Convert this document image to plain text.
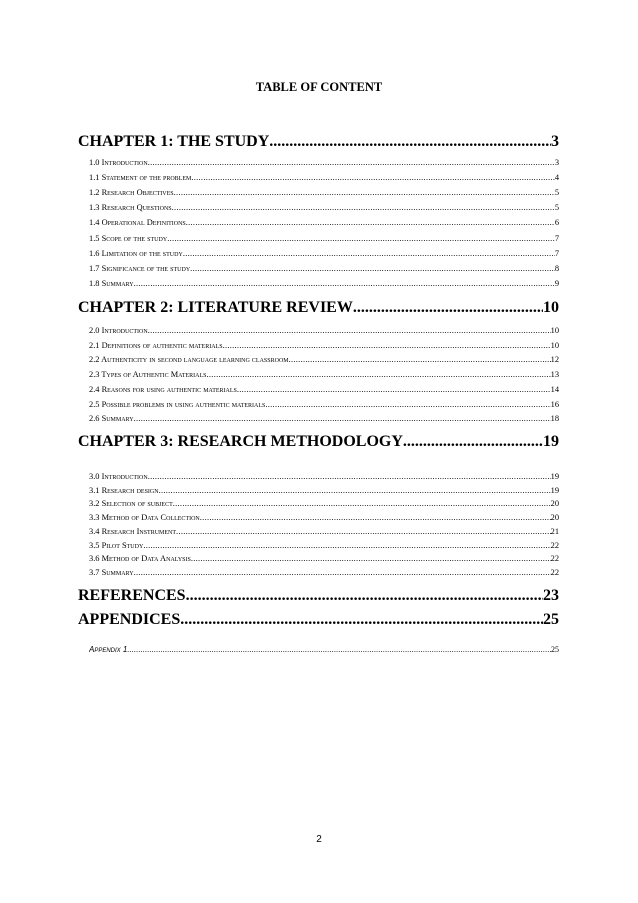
TABLE OF CONTENT
CHAPTER 1: THE STUDY .....	3
1.0 Introduction .....	3
1.1 Statement of the problem .....	4
1.2 Research Objectives .....	5
1.3 Research Questions .....	5
1.4 Operational Definitions .....	6
1.5 Scope of the study .....	7
1.6 Limitation of the study .....	7
1.7 Significance of the study .....	8
1.8 Summary .....	9
CHAPTER 2: LITERATURE REVIEW .....	10
2.0 Introduction .....	10
2.1 Definitions of authentic materials .....	10
2.2 Authenticity in second language learning classroom .....	12
2.3 Types of Authentic Materials .....	13
2.4 Reasons for using authentic materials .....	14
2.5 Possible problems in using authentic materials .....	16
2.6 Summary .....	18
CHAPTER 3: RESEARCH METHODOLOGY .....	19
3.0 Introduction .....	19
3.1 Research design .....	19
3.2 Selection of subject .....	20
3.3 Method of Data Collection .....	20
3.4 Research Instrument .....	21
3.5 Pilot Study .....	22
3.6 Method of Data Analysis .....	22
3.7 Summary .....	22
REFERENCES .....	23
APPENDICES .....	25
Appendix 1 .....	25
2
